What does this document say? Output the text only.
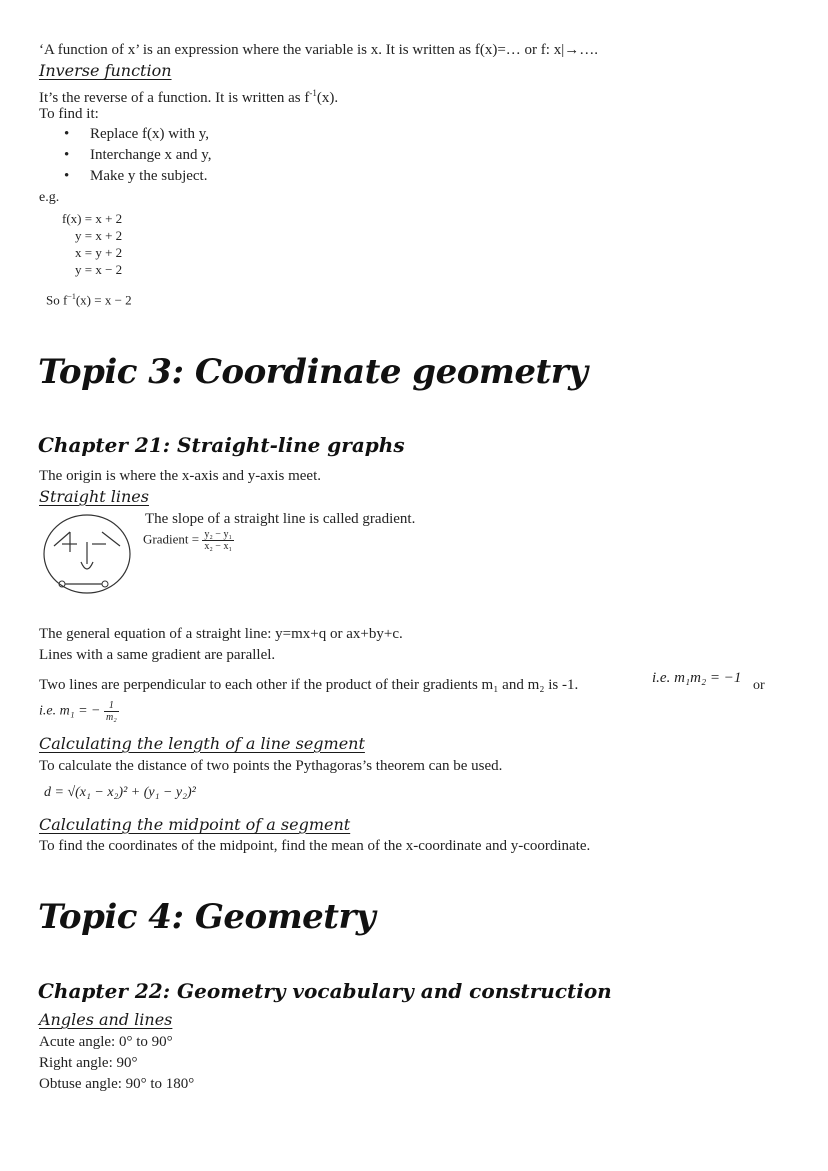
‘A function of x’ is an expression where the variable is x. It is written as f(x)=… or f: x|→….
Inverse function
It’s the reverse of a function. It is written as $f^{-1}(x)$.
To find it:
• Replace f(x) with y,
• Interchange x and y,
• Make y the subject.
e.g.
f(x) = x + 2
y = x + 2
x = y + 2
y = x − 2
So $f^{-1}(x) = x - 2$
Topic 3: Coordinate geometry
Chapter 21: Straight-line graphs
The origin is where the x-axis and y-axis meet.
Straight lines
The slope of a straight line is called gradient.
Gradient = $\frac{\text{y₂ − y₁}}{\text{x₂ − x₁}}$
The general equation of a straight line: y=mx+q or ax+by+c.
Lines with a same gradient are parallel.
Two lines are perpendicular to each other if the product of their gradients m₁ and m₂ is -1.	i.e. m₁m₂ = −1 or
i.e. m₁ = − $\frac{1}{\text{m₂}}$
Calculating the length of a line segment
To calculate the distance of two points the Pythagoras’s theorem can be used.
d = √(x₁ − x₂)² + (y₁ − y₂)²
Calculating the midpoint of a segment
To find the coordinates of the midpoint, find the mean of the x-coordinate and y-coordinate.
Topic 4: Geometry
Chapter 22: Geometry vocabulary and construction
Angles and lines
Acute angle: 0° to 90°
Right angle: 90°
Obtuse angle: 90° to 180°
